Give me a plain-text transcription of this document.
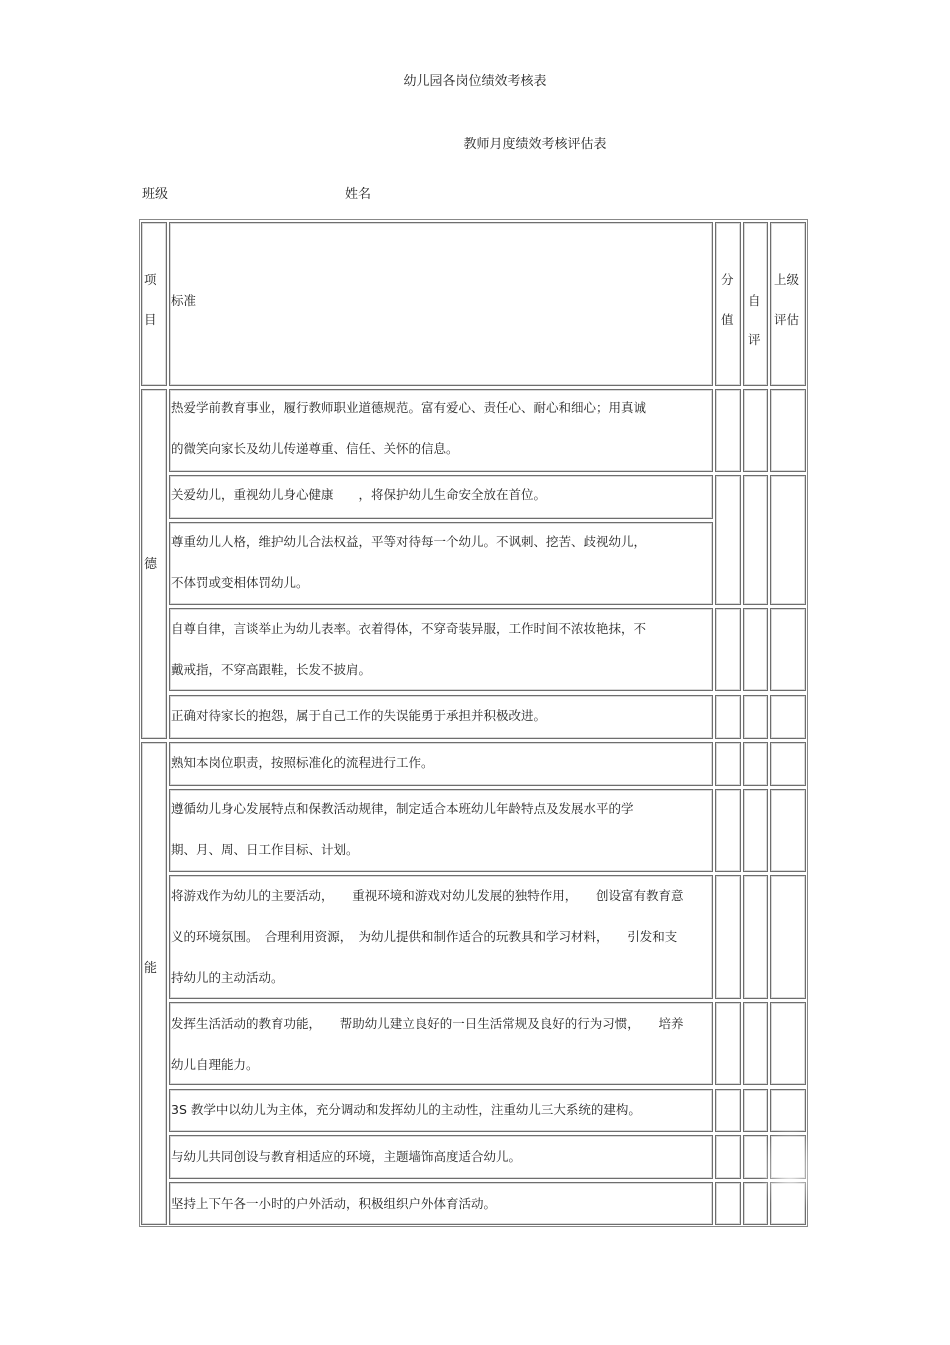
幼儿园各岗位绩效考核表
教师月度绩效考核评估表
班级	姓名

项

目

标准

分

值

自

评

上级

评估

德
能

热爱学前教育事业，履行教师职业道德规范。富有爱心、责任心、耐心和细心；用真诚
的微笑向家长及幼儿传递尊重、信任、关怀的信息。

关爱幼儿，重视幼儿身心健康　　，将保护幼儿生命安全放在首位。

尊重幼儿人格，维护幼儿合法权益，平等对待每一个幼儿。不讽刺、挖苦、歧视幼儿，
不体罚或变相体罚幼儿。

自尊自律，言谈举止为幼儿表率。衣着得体，不穿奇装异服，工作时间不浓妆艳抹，不
戴戒指，不穿高跟鞋，长发不披肩。

正确对待家长的抱怨，属于自己工作的失误能勇于承担并积极改进。

熟知本岗位职责，按照标准化的流程进行工作。

遵循幼儿身心发展特点和保教活动规律，制定适合本班幼儿年龄特点及发展水平的学
期、月、周、日工作目标、计划。

将游戏作为幼儿的主要活动，　　重视环境和游戏对幼儿发展的独特作用，　　创设富有教育意
义的环境氛围。　合理利用资源，　为幼儿提供和制作适合的玩教具和学习材料，　　引发和支
持幼儿的主动活动。

发挥生活活动的教育功能，　　帮助幼儿建立良好的一日生活常规及良好的行为习惯，　　培养
幼儿自理能力。

3S 教学中以幼儿为主体，充分调动和发挥幼儿的主动性，注重幼儿三大系统的建构。

与幼儿共同创设与教育相适应的环境，主题墙饰高度适合幼儿。

坚持上下午各一小时的户外活动，积极组织户外体育活动。
